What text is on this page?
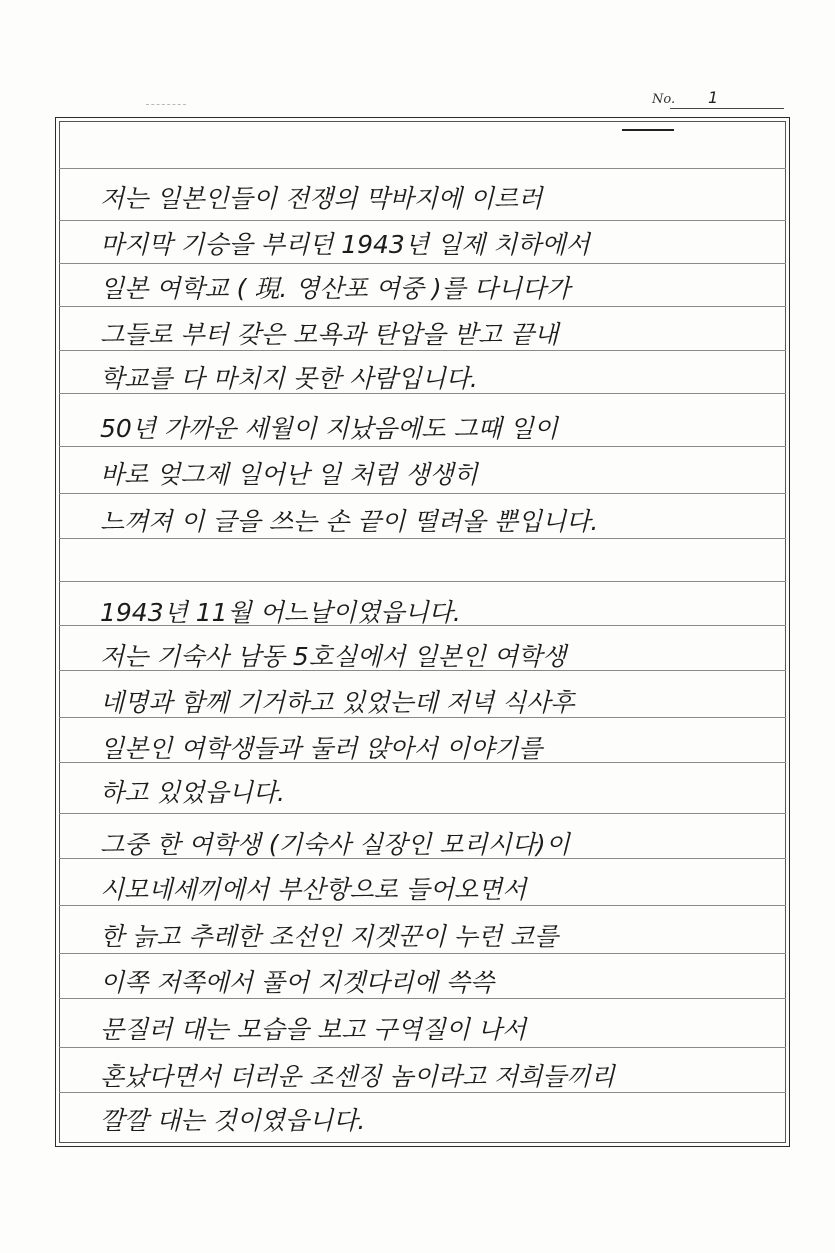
No. 1
저는 일본인들이 전쟁의 막바지에 이르러
마지막 기승을 부리던 1943년 일제 치하에서
일본 여학교 ( 現. 영산포 여중 )를 다니다가
그들로 부터 갖은 모욕과 탄압을 받고 끝내
학교를 다 마치지 못한 사람입니다.
50년 가까운 세월이 지났음에도 그때 일이
바로 엊그제 일어난 일 처럼 생생히
느껴져 이 글을 쓰는 손 끝이 떨려올 뿐입니다.
1943년 11월 어느날이였읍니다.
저는 기숙사 남동 5호실에서 일본인 여학생
네명과 함께 기거하고 있었는데 저녁 식사후
일본인 여학생들과 둘러 앉아서 이야기를
하고 있었읍니다.
그중 한 여학생 (기숙사 실장인 모리시다)이
시모네세끼에서 부산항으로 들어오면서
한 늙고 추레한 조선인 지겟꾼이 누런 코를
이쪽 저쪽에서 풀어 지겟다리에 쓱쓱
문질러 대는 모습을 보고 구역질이 나서
혼났다면서 더러운 조센징 놈이라고 저희들끼리
깔깔 대는 것이였읍니다.
